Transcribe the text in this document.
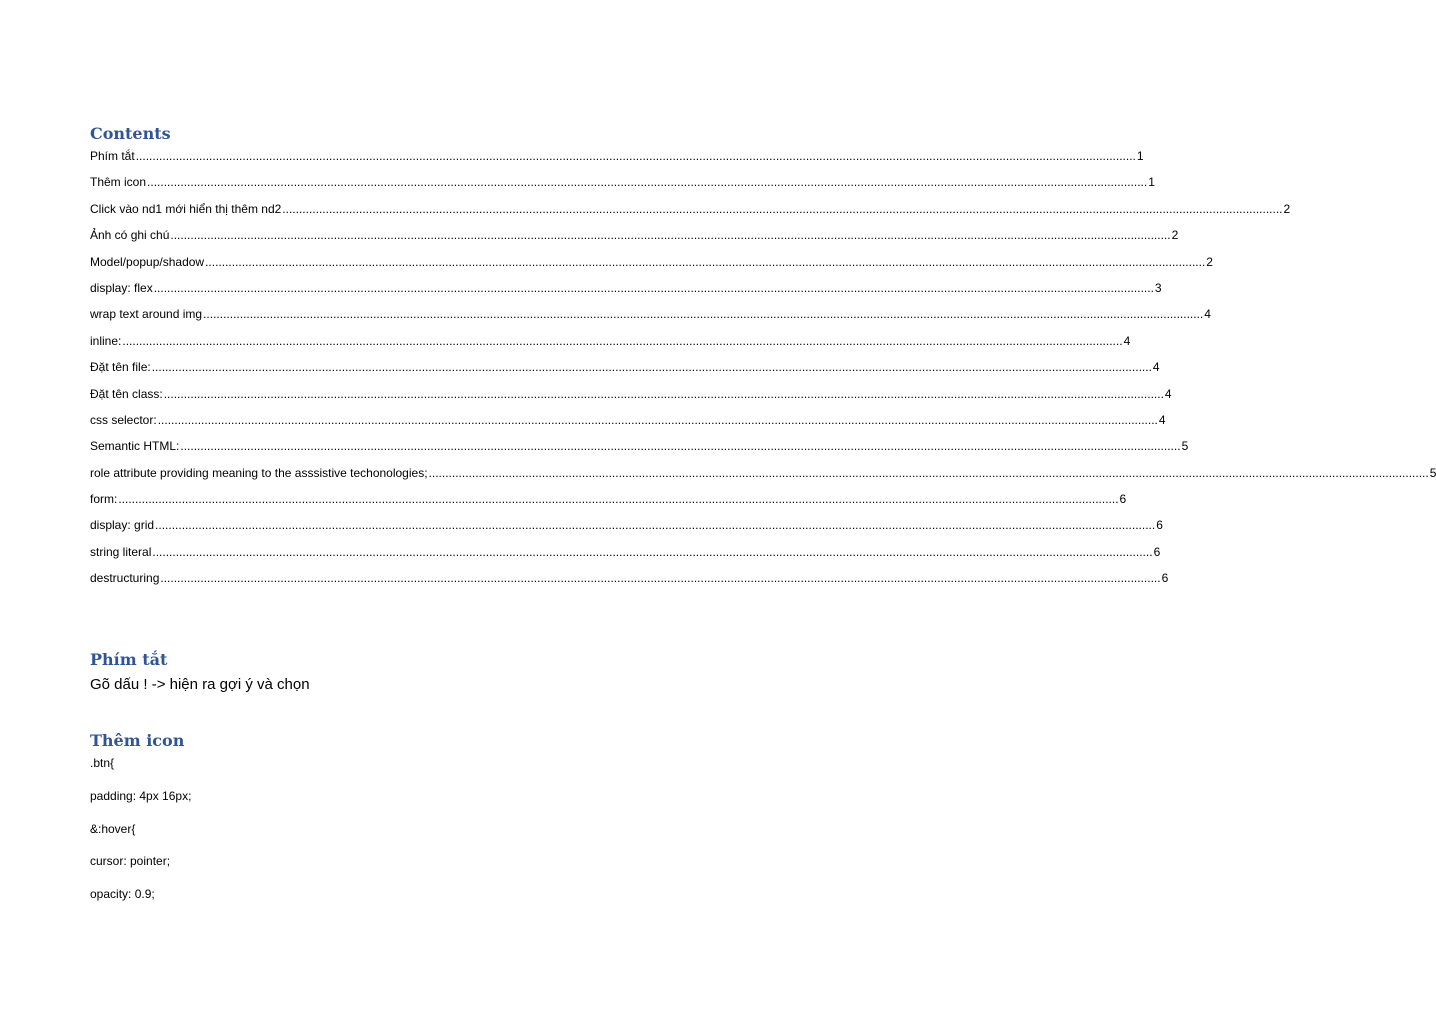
Contents
Phím tắt ............................................................................................................................................................................................................................................................................................................ 1
Thêm icon ............................................................................................................................................................................................................................................................................................................ 1
Click vào nd1 mới hiển thị thêm nd2 ............................................................................................................................................................................................................................................................................................................ 2
Ảnh có ghi chú ............................................................................................................................................................................................................................................................................................................ 2
Model/popup/shadow ............................................................................................................................................................................................................................................................................................................ 2
display: flex ............................................................................................................................................................................................................................................................................................................ 3
wrap text around img ............................................................................................................................................................................................................................................................................................................ 4
inline: ............................................................................................................................................................................................................................................................................................................ 4
Đặt tên file: ............................................................................................................................................................................................................................................................................................................ 4
Đặt tên class: ............................................................................................................................................................................................................................................................................................................ 4
css selector: ............................................................................................................................................................................................................................................................................................................ 4
Semantic HTML: ............................................................................................................................................................................................................................................................................................................ 5
role attribute providing meaning to the asssistive techonologies; ............................................................................................................................................................................................................................................................................................................ 5
form: ............................................................................................................................................................................................................................................................................................................ 6
display: grid ............................................................................................................................................................................................................................................................................................................ 6
string literal ............................................................................................................................................................................................................................................................................................................ 6
destructuring ............................................................................................................................................................................................................................................................................................................ 6
Phím tắt

Gõ dấu ! -> hiện ra gợi ý và chọn

Thêm icon

.btn{

padding: 4px 16px;

&:hover{

cursor: pointer;

opacity: 0.9;
